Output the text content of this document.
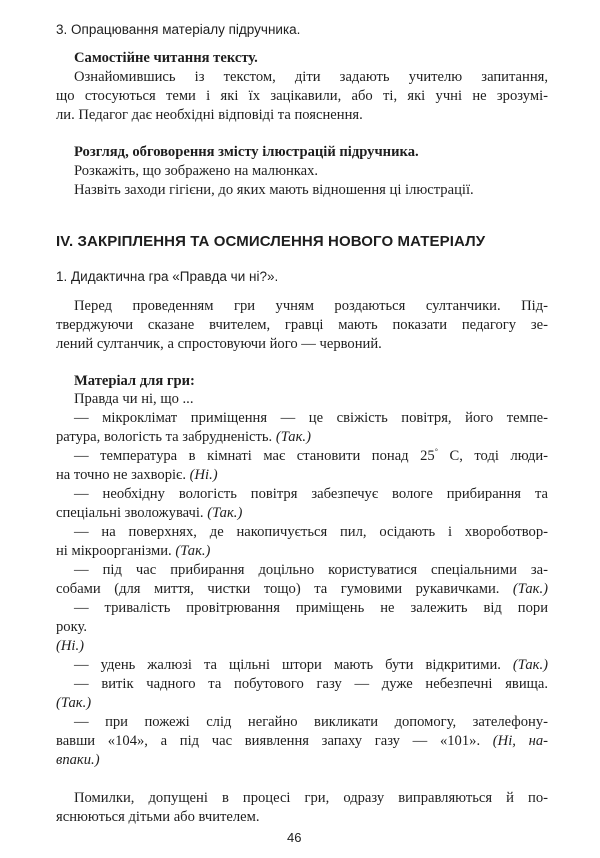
3. Опрацювання матеріалу підручника.
Самостійне читання тексту.
Ознайомившись із текстом, діти задають учителю запитання,
що стосуються теми і які їх зацікавили, або ті, які учні не зрозумі-
ли. Педагог дає необхідні відповіді та пояснення.
Розгляд, обговорення змісту ілюстрацій підручника.
Розкажіть, що зображено на малюнках.
Назвіть заходи гігієни, до яких мають відношення ці ілюстрації.
IV. ЗАКРІПЛЕННЯ ТА ОСМИСЛЕННЯ НОВОГО МАТЕРІАЛУ
1. Дидактична гра «Правда чи ні?».
Перед проведенням гри учням роздаються султанчики. Під-
тверджуючи сказане вчителем, гравці мають показати педагогу зе-
лений султанчик, а спростовуючи його — червоний.
Матеріал для гри:
Правда чи ні, що ...
— мікроклімат приміщення — це свіжість повітря, його темпе-
ратура, вологість та забрудненість. (Так.)
— температура в кімнаті має становити понад 25° С, тоді люди-
на точно не захворіє. (Ні.)
— необхідну вологість повітря забезпечує вологе прибирання та
спеціальні зволожувачі. (Так.)
— на поверхнях, де накопичується пил, осідають і хвороботвор-
ні мікроорганізми. (Так.)
— під час прибирання доцільно користуватися спеціальними за-
собами (для миття, чистки тощо) та гумовими рукавичками. (Так.)
— тривалість провітрювання приміщень не залежить від пори
року.
(Ні.)
— удень жалюзі та щільні штори мають бути відкритими. (Так.)
— витік чадного та побутового газу — дуже небезпечні явища.
(Так.)
— при пожежі слід негайно викликати допомогу, зателефону-
вавши «104», а під час виявлення запаху газу — «101». (Ні, на-
впаки.)
Помилки, допущені в процесі гри, одразу виправляються й по-
яснюються дітьми або вчителем.
46
